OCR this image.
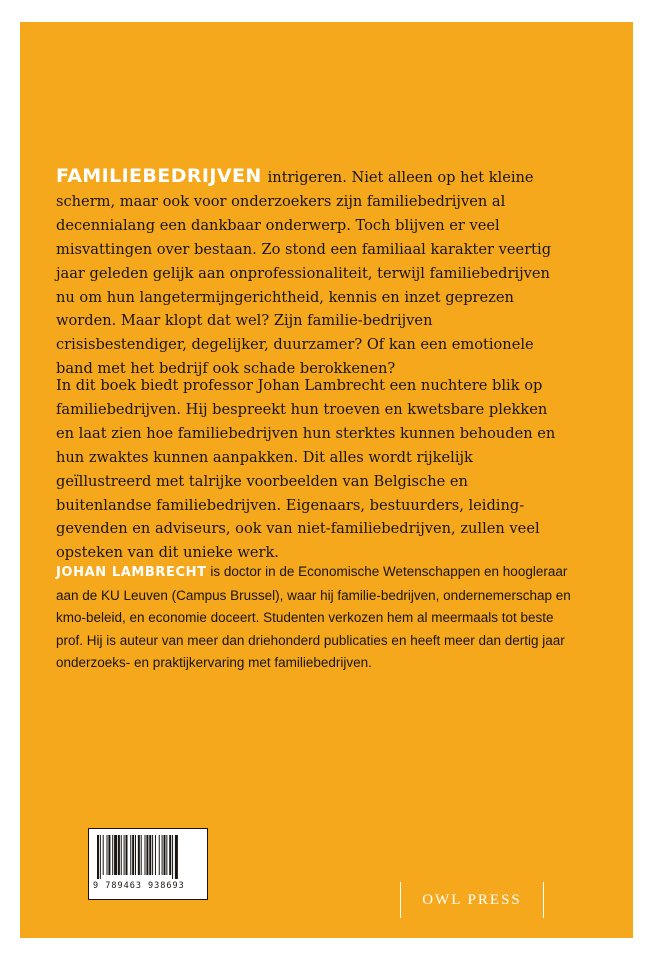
FAMILIEBEDRIJVEN intrigeren. Niet alleen op het kleine scherm, maar ook voor onderzoekers zijn familiebedrijven al decennialang een dankbaar onderwerp. Toch blijven er veel misvattingen over bestaan. Zo stond een familiaal karakter veertig jaar geleden gelijk aan onprofessionaliteit, terwijl familiebedrijven nu om hun langetermijngerichtheid, kennis en inzet geprezen worden. Maar klopt dat wel? Zijn familie-bedrijven crisisbestendiger, degelijker, duurzamer? Of kan een emotionele band met het bedrijf ook schade berokkenen?

In dit boek biedt professor Johan Lambrecht een nuchtere blik op familiebedrijven. Hij bespreekt hun troeven en kwetsbare plekken en laat zien hoe familiebedrijven hun sterktes kunnen behouden en hun zwaktes kunnen aanpakken. Dit alles wordt rijkelijk geïllustreerd met talrijke voorbeelden van Belgische en buitenlandse familiebedrijven. Eigenaars, bestuurders, leiding-gevenden en adviseurs, ook van niet-familiebedrijven, zullen veel opsteken van dit unieke werk.

JOHAN LAMBRECHT is doctor in de Economische Wetenschappen en hoogleraar aan de KU Leuven (Campus Brussel), waar hij familie-bedrijven, ondernemerschap en kmo-beleid, en economie doceert. Studenten verkozen hem al meermaals tot beste prof. Hij is auteur van meer dan driehonderd publicaties en heeft meer dan dertig jaar onderzoeks- en praktijkervaring met familiebedrijven.

9 789463 938693
OWL PRESS
